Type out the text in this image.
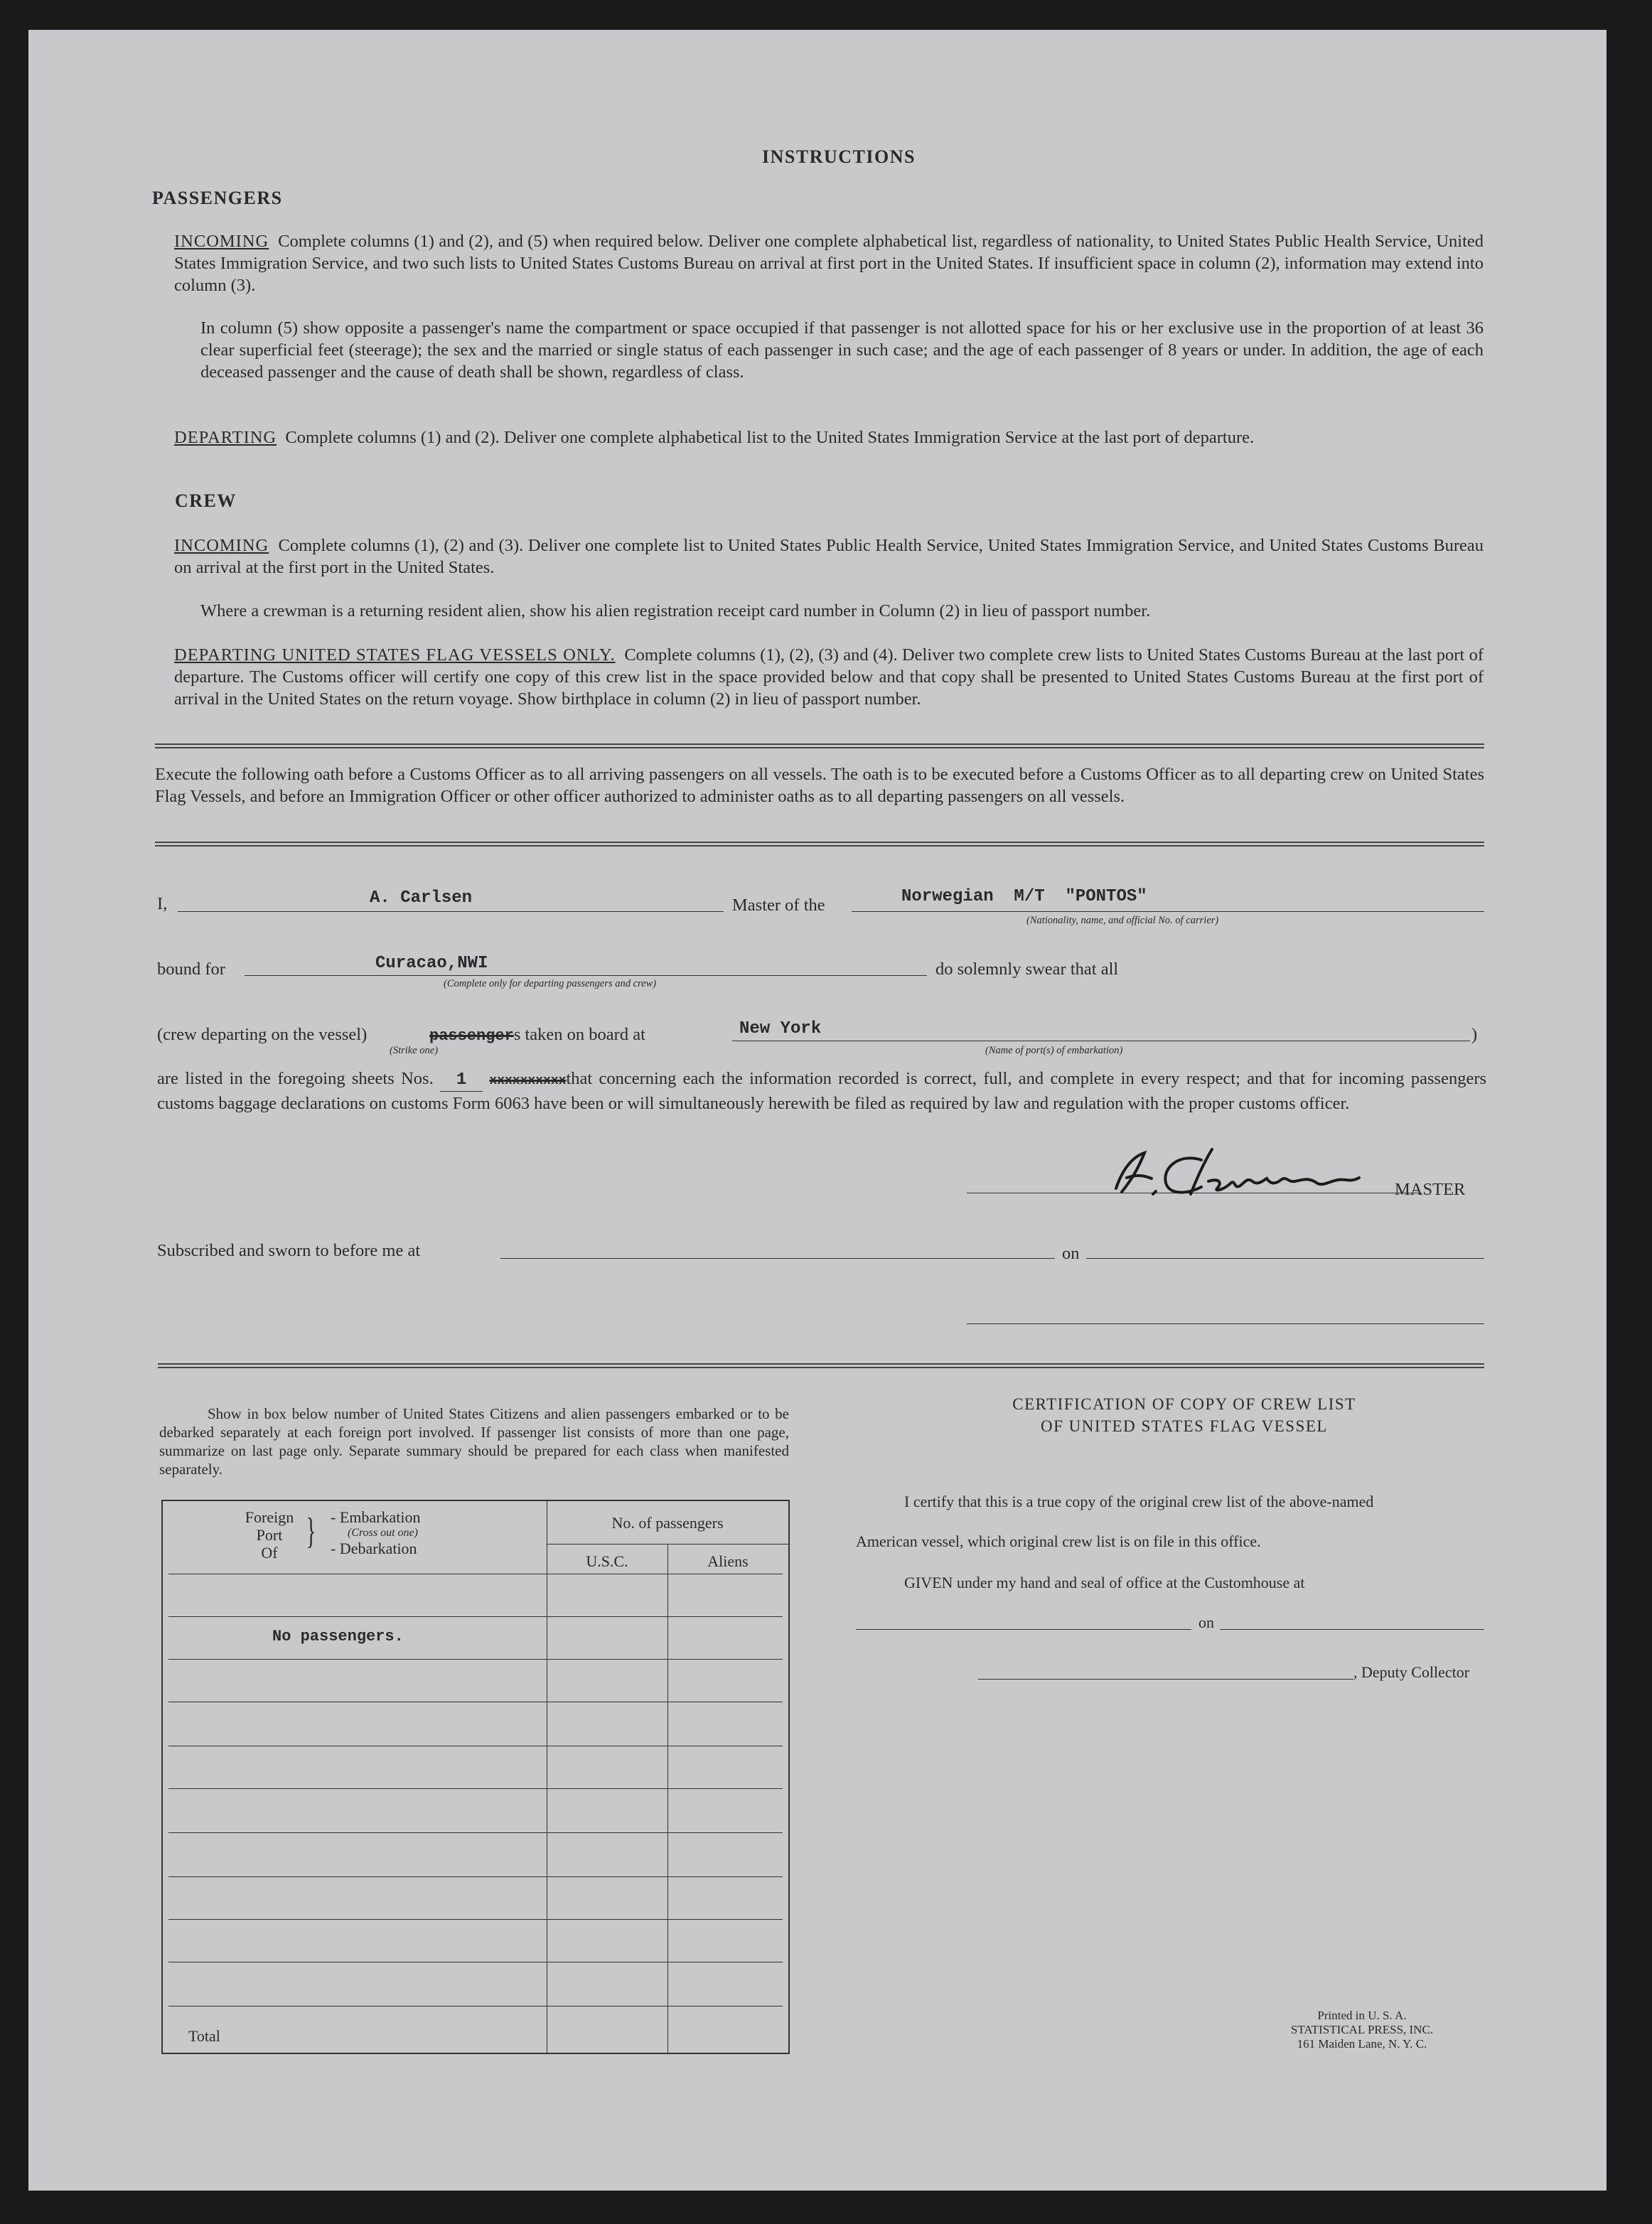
INSTRUCTIONS
PASSENGERS
INCOMING Complete columns (1) and (2), and (5) when required below. Deliver one complete alphabetical list, regardless of nationality, to United States Public Health Service, United States Immigration Service, and two such lists to United States Customs Bureau on arrival at first port in the United States. If insufficient space in column (2), information may extend into column (3).
In column (5) show opposite a passenger's name the compartment or space occupied if that passenger is not allotted space for his or her exclusive use in the proportion of at least 36 clear superficial feet (steerage); the sex and the married or single status of each passenger in such case; and the age of each passenger of 8 years or under. In addition, the age of each deceased passenger and the cause of death shall be shown, regardless of class.
DEPARTING Complete columns (1) and (2). Deliver one complete alphabetical list to the United States Immigration Service at the last port of departure.
CREW
INCOMING Complete columns (1), (2) and (3). Deliver one complete list to United States Public Health Service, United States Immigration Service, and United States Customs Bureau on arrival at the first port in the United States.
Where a crewman is a returning resident alien, show his alien registration receipt card number in Column (2) in lieu of passport number.
DEPARTING UNITED STATES FLAG VESSELS ONLY. Complete columns (1), (2), (3) and (4). Deliver two complete crew lists to United States Customs Bureau at the last port of departure. The Customs officer will certify one copy of this crew list in the space provided below and that copy shall be presented to United States Customs Bureau at the first port of arrival in the United States on the return voyage. Show birthplace in column (2) in lieu of passport number.
Execute the following oath before a Customs Officer as to all arriving passengers on all vessels. The oath is to be executed before a Customs Officer as to all departing crew on United States Flag Vessels, and before an Immigration Officer or other officer authorized to administer oaths as to all departing passengers on all vessels.
I,	A. Carlsen	Master of the	Norwegian  M/T  "PONTOS"
(Nationality, name, and official No. of carrier)
bound for	Curacao,NWI
(Complete only for departing passengers and crew)
do solemnly swear that all
(crew departing on the vessel)	passengers taken on board at
(Strike one)
New York
(Name of port(s) of embarkation)
)
are listed in the foregoing sheets Nos. 1 xxxxxxxxxxthat concerning each the information recorded is correct, full, and complete in every respect; and that for incoming passengers customs baggage declarations on customs Form 6063 have been or will simultaneously herewith be filed as required by law and regulation with the proper customs officer.
MASTER
Subscribed and sworn to before me at	on
Show in box below number of United States Citizens and alien passengers embarked or to be debarked separately at each foreign port involved. If passenger list consists of more than one page, summarize on last page only. Separate summary should be prepared for each class when manifested separately.
Foreign
Port
Of
} - Embarkation
(Cross out one)
- Debarkation
No. of passengers
U.S.C.	Aliens
No passengers.
Total
CERTIFICATION OF COPY OF CREW LIST
OF UNITED STATES FLAG VESSEL
I certify that this is a true copy of the original crew list of the above-named
American vessel, which original crew list is on file in this office.
GIVEN under my hand and seal of office at the Customhouse at
on
, Deputy Collector
Printed in U. S. A.
STATISTICAL PRESS, INC.
161 Maiden Lane, N. Y. C.
